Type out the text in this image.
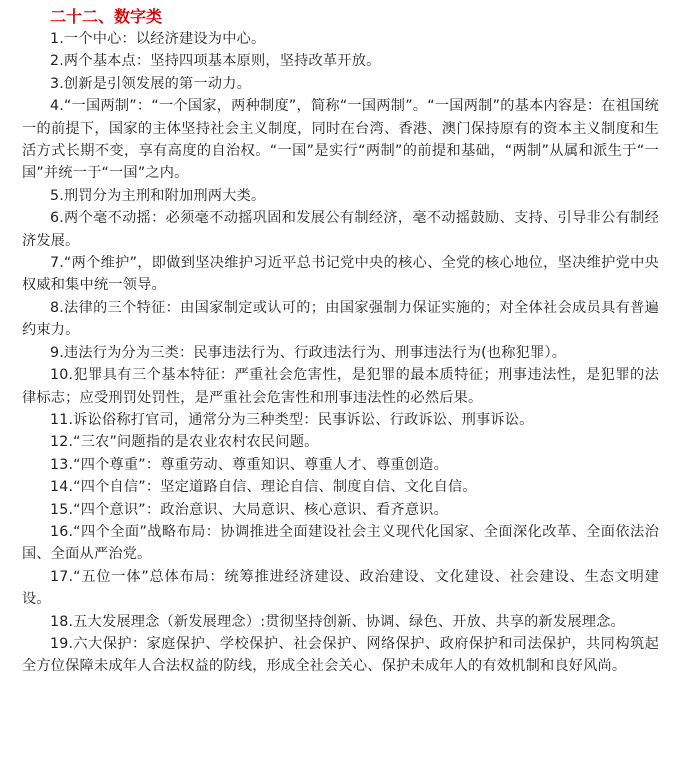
二十二、数字类

1.一个中心：以经济建设为中心。

2.两个基本点：坚持四项基本原则，坚持改革开放。

3.创新是引领发展的第一动力。

4.“一国两制”：“一个国家，两种制度”，简称“一国两制”。“一国两制”的基本内容是：在祖国统一的前提下，国家的主体坚持社会主义制度，同时在台湾、香港、澳门保持原有的资本主义制度和生活方式长期不变，享有高度的自治权。“一国”是实行“两制”的前提和基础，“两制”从属和派生于“一国”并统一于“一国”之内。

5.刑罚分为主刑和附加刑两大类。

6.两个毫不动摇：必须毫不动摇巩固和发展公有制经济，毫不动摇鼓励、支持、引导非公有制经济发展。

7.“两个维护”，即做到坚决维护习近平总书记党中央的核心、全党的核心地位，坚决维护党中央权威和集中统一领导。

8.法律的三个特征：由国家制定或认可的；由国家强制力保证实施的；对全体社会成员具有普遍约束力。

9.违法行为分为三类：民事违法行为、行政违法行为、刑事违法行为(也称犯罪）。

10.犯罪具有三个基本特征：严重社会危害性，是犯罪的最本质特征；刑事违法性，是犯罪的法律标志；应受刑罚处罚性，是严重社会危害性和刑事违法性的必然后果。

11.诉讼俗称打官司，通常分为三种类型：民事诉讼、行政诉讼、刑事诉讼。

12.“三农”问题指的是农业农村农民问题。

13.“四个尊重”：尊重劳动、尊重知识、尊重人才、尊重创造。

14.“四个自信”：坚定道路自信、理论自信、制度自信、文化自信。

15.“四个意识”：政治意识、大局意识、核心意识、看齐意识。

16.“四个全面”战略布局：协调推进全面建设社会主义现代化国家、全面深化改革、全面依法治国、全面从严治党。

17.“五位一体”总体布局：统筹推进经济建设、政治建设、文化建设、社会建设、生态文明建设。

18.五大发展理念（新发展理念）:贯彻坚持创新、协调、绿色、开放、共享的新发展理念。

19.六大保护：家庭保护、学校保护、社会保护、网络保护、政府保护和司法保护，共同构筑起全方位保障未成年人合法权益的防线，形成全社会关心、保护未成年人的有效机制和良好风尚。
